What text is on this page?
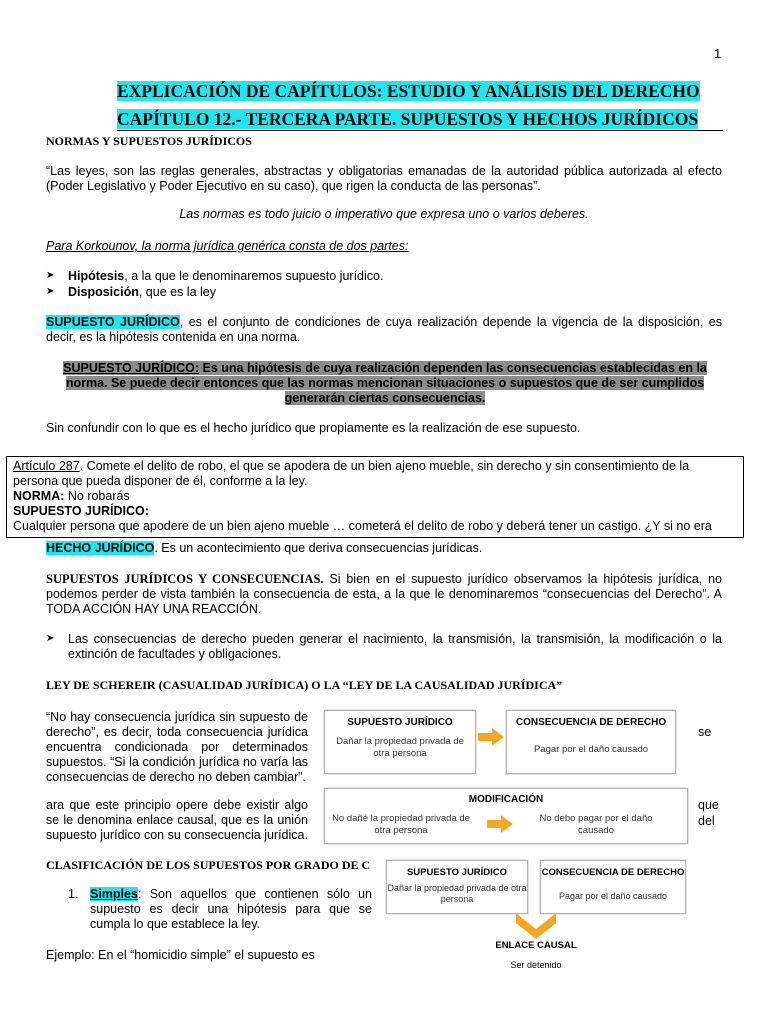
1
EXPLICACIÓN DE CAPÍTULOS: ESTUDIO Y ANÁLISIS DEL DERECHO
CAPÍTULO 12.- TERCERA PARTE. SUPUESTOS Y HECHOS JURÍDICOS
NORMAS Y SUPUESTOS JURÍDICOS
“Las leyes, son las reglas generales, abstractas y obligatorias emanadas de la autoridad pública autorizada al efecto (Poder Legislativo y Poder Ejecutivo en su caso), que rigen la conducta de las personas”.
Las normas es todo juicio o imperativo que expresa uno o varios deberes.
Para Korkounov, la norma jurídica genérica consta de dos partes:
➤ Hipótesis, a la que le denominaremos supuesto jurídico.
➤ Disposición, que es la ley
SUPUESTO JURÍDICO, es el conjunto de condiciones de cuya realización depende la vigencia de la disposición, es decir, es la hipótesis contenida en una norma.
SUPUESTO JURÍDICO: Es una hipótesis de cuya realización dependen las consecuencias establecidas en la norma. Se puede decir entonces que las normas mencionan situaciones o supuestos que de ser cumplidos generarán ciertas consecuencias.
Sin confundir con lo que es el hecho jurídico que propiamente es la realización de ese supuesto.
Artículo 287. Comete el delito de robo, el que se apodera de un bien ajeno mueble, sin derecho y sin consentimiento de la persona que pueda disponer de él, conforme a la ley.
NORMA: No robarás
SUPUESTO JURÍDICO:
Cualquier persona que apodere de un bien ajeno mueble … cometerá el delito de robo y deberá tener un castigo. ¿Y si no era
HECHO JURÍDICO. Es un acontecimiento que deriva consecuencias jurídicas.
SUPUESTOS JURÍDICOS Y CONSECUENCIAS. Si bien en el supuesto jurídico observamos la hipótesis jurídica, no podemos perder de vista también la consecuencia de esta, a la que le denominaremos “consecuencias del Derecho”. A TODA ACCIÓN HAY UNA REACCIÓN.
➤ Las consecuencias de derecho pueden generar el nacimiento, la transmisión, la transmisión, la modificación o la extinción de facultades y obligaciones.
LEY DE SCHEREIR (CASUALIDAD JURÍDICA) O LA “LEY DE LA CAUSALIDAD JURÍDICA”
“No hay consecuencia jurídica sin supuesto de derecho”, es decir, toda consecuencia jurídica encuentra condicionada por determinados supuestos. “Si la condición jurídica no varía las consecuencias de derecho no deben cambiar”.
se
ara que este principio opere debe existir algo se le denomina enlace causal, que es la unión supuesto jurídico con su consecuencia jurídica.
que
del
SUPUESTO JURÍDICO
Dañar la propiedad privada de otra persona
CONSECUENCIA DE DERECHO
Pagar por el daño causado
MODIFICACIÓN
No dañé la propiedad privada de otra persona
No debo pagar por el daño causado
CLASIFICACIÓN DE LOS SUPUESTOS POR GRADO DE C
1. Simples: Son aquellos que contienen sólo un supuesto es decir una hipótesis para que se cumpla lo que establece la ley.
Ejemplo: En el “homicidio simple” el supuesto es
SUPUESTO JURÍDICO
Dañar la propiedad privada de otra persona
CONSECUENCIA DE DERECHO
Pagar por el daño causado
ENLACE CAUSAL
Ser detenido
